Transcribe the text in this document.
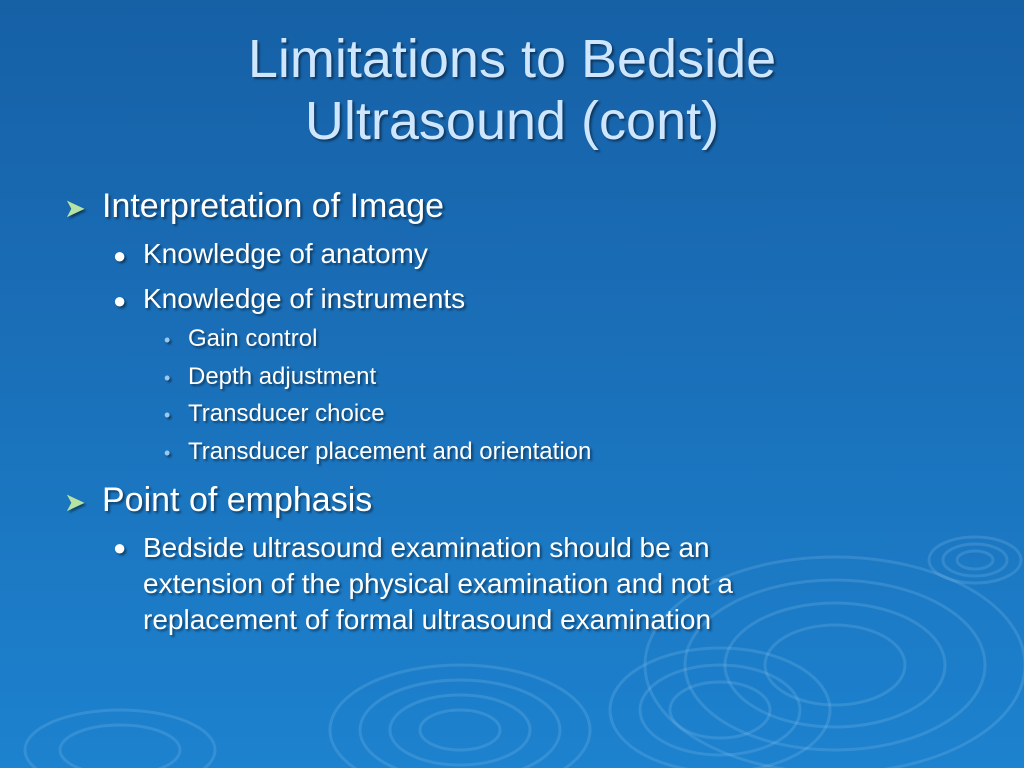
Limitations to Bedside
Ultrasound (cont)
➤ Interpretation of Image
● Knowledge of anatomy
● Knowledge of instruments
• Gain control
• Depth adjustment
• Transducer choice
• Transducer placement and orientation
➤ Point of emphasis
● Bedside ultrasound examination should be an
extension of the physical examination and not a
replacement of formal ultrasound examination
